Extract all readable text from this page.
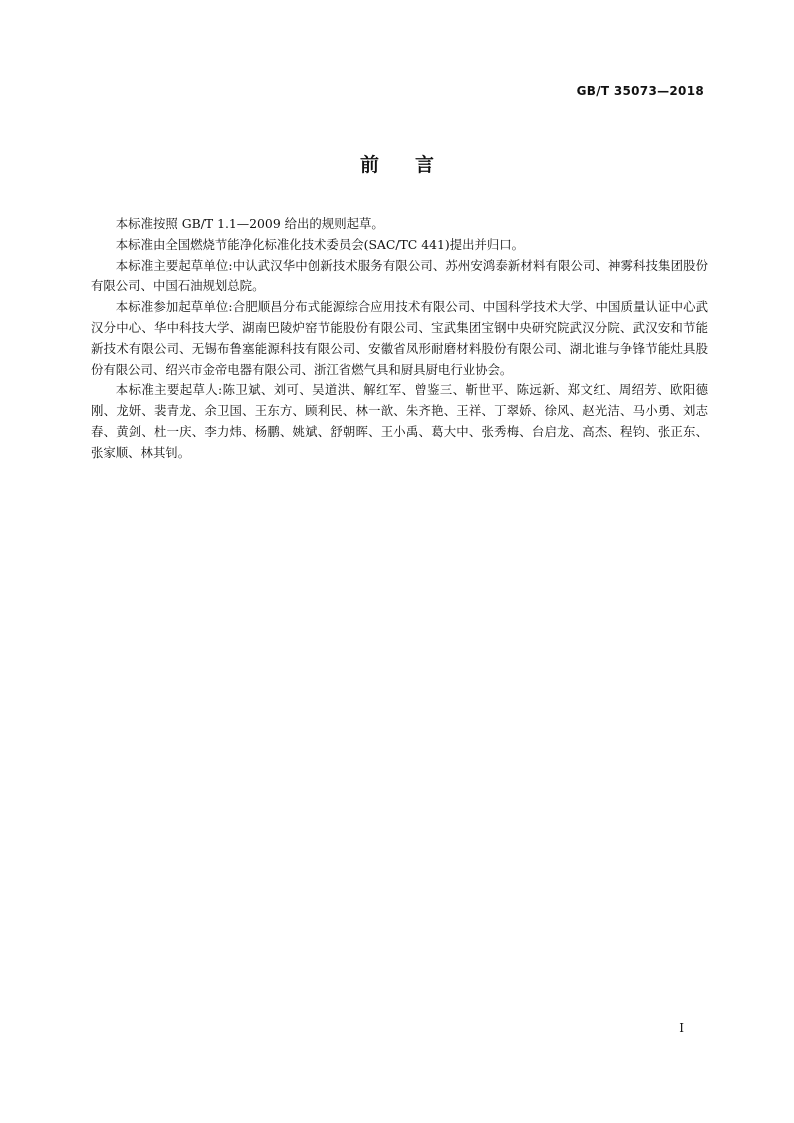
GB/T 35073—2018
前言

本标准按照 GB/T 1.1—2009 给出的规则起草。

本标准由全国燃烧节能净化标准化技术委员会(SAC/TC 441)提出并归口。

本标准主要起草单位:中认武汉华中创新技术服务有限公司、苏州安鸿泰新材料有限公司、神雾科技集团股份有限公司、中国石油规划总院。

本标准参加起草单位:合肥顺昌分布式能源综合应用技术有限公司、中国科学技术大学、中国质量认证中心武汉分中心、华中科技大学、湖南巴陵炉窑节能股份有限公司、宝武集团宝钢中央研究院武汉分院、武汉安和节能新技术有限公司、无锡布鲁塞能源科技有限公司、安徽省凤形耐磨材料股份有限公司、湖北谁与争锋节能灶具股份有限公司、绍兴市金帝电器有限公司、浙江省燃气具和厨具厨电行业协会。

本标准主要起草人:陈卫斌、刘可、吴道洪、解红军、曾鉴三、靳世平、陈远新、郑文红、周绍芳、欧阳德刚、龙妍、裴青龙、余卫国、王东方、顾利民、林一歆、朱齐艳、王祥、丁翠娇、徐风、赵光洁、马小勇、刘志春、黄剑、杜一庆、李力炜、杨鹏、姚斌、舒朝晖、王小禹、葛大中、张秀梅、台启龙、高杰、程钧、张正东、张家顺、林其钊。

I
